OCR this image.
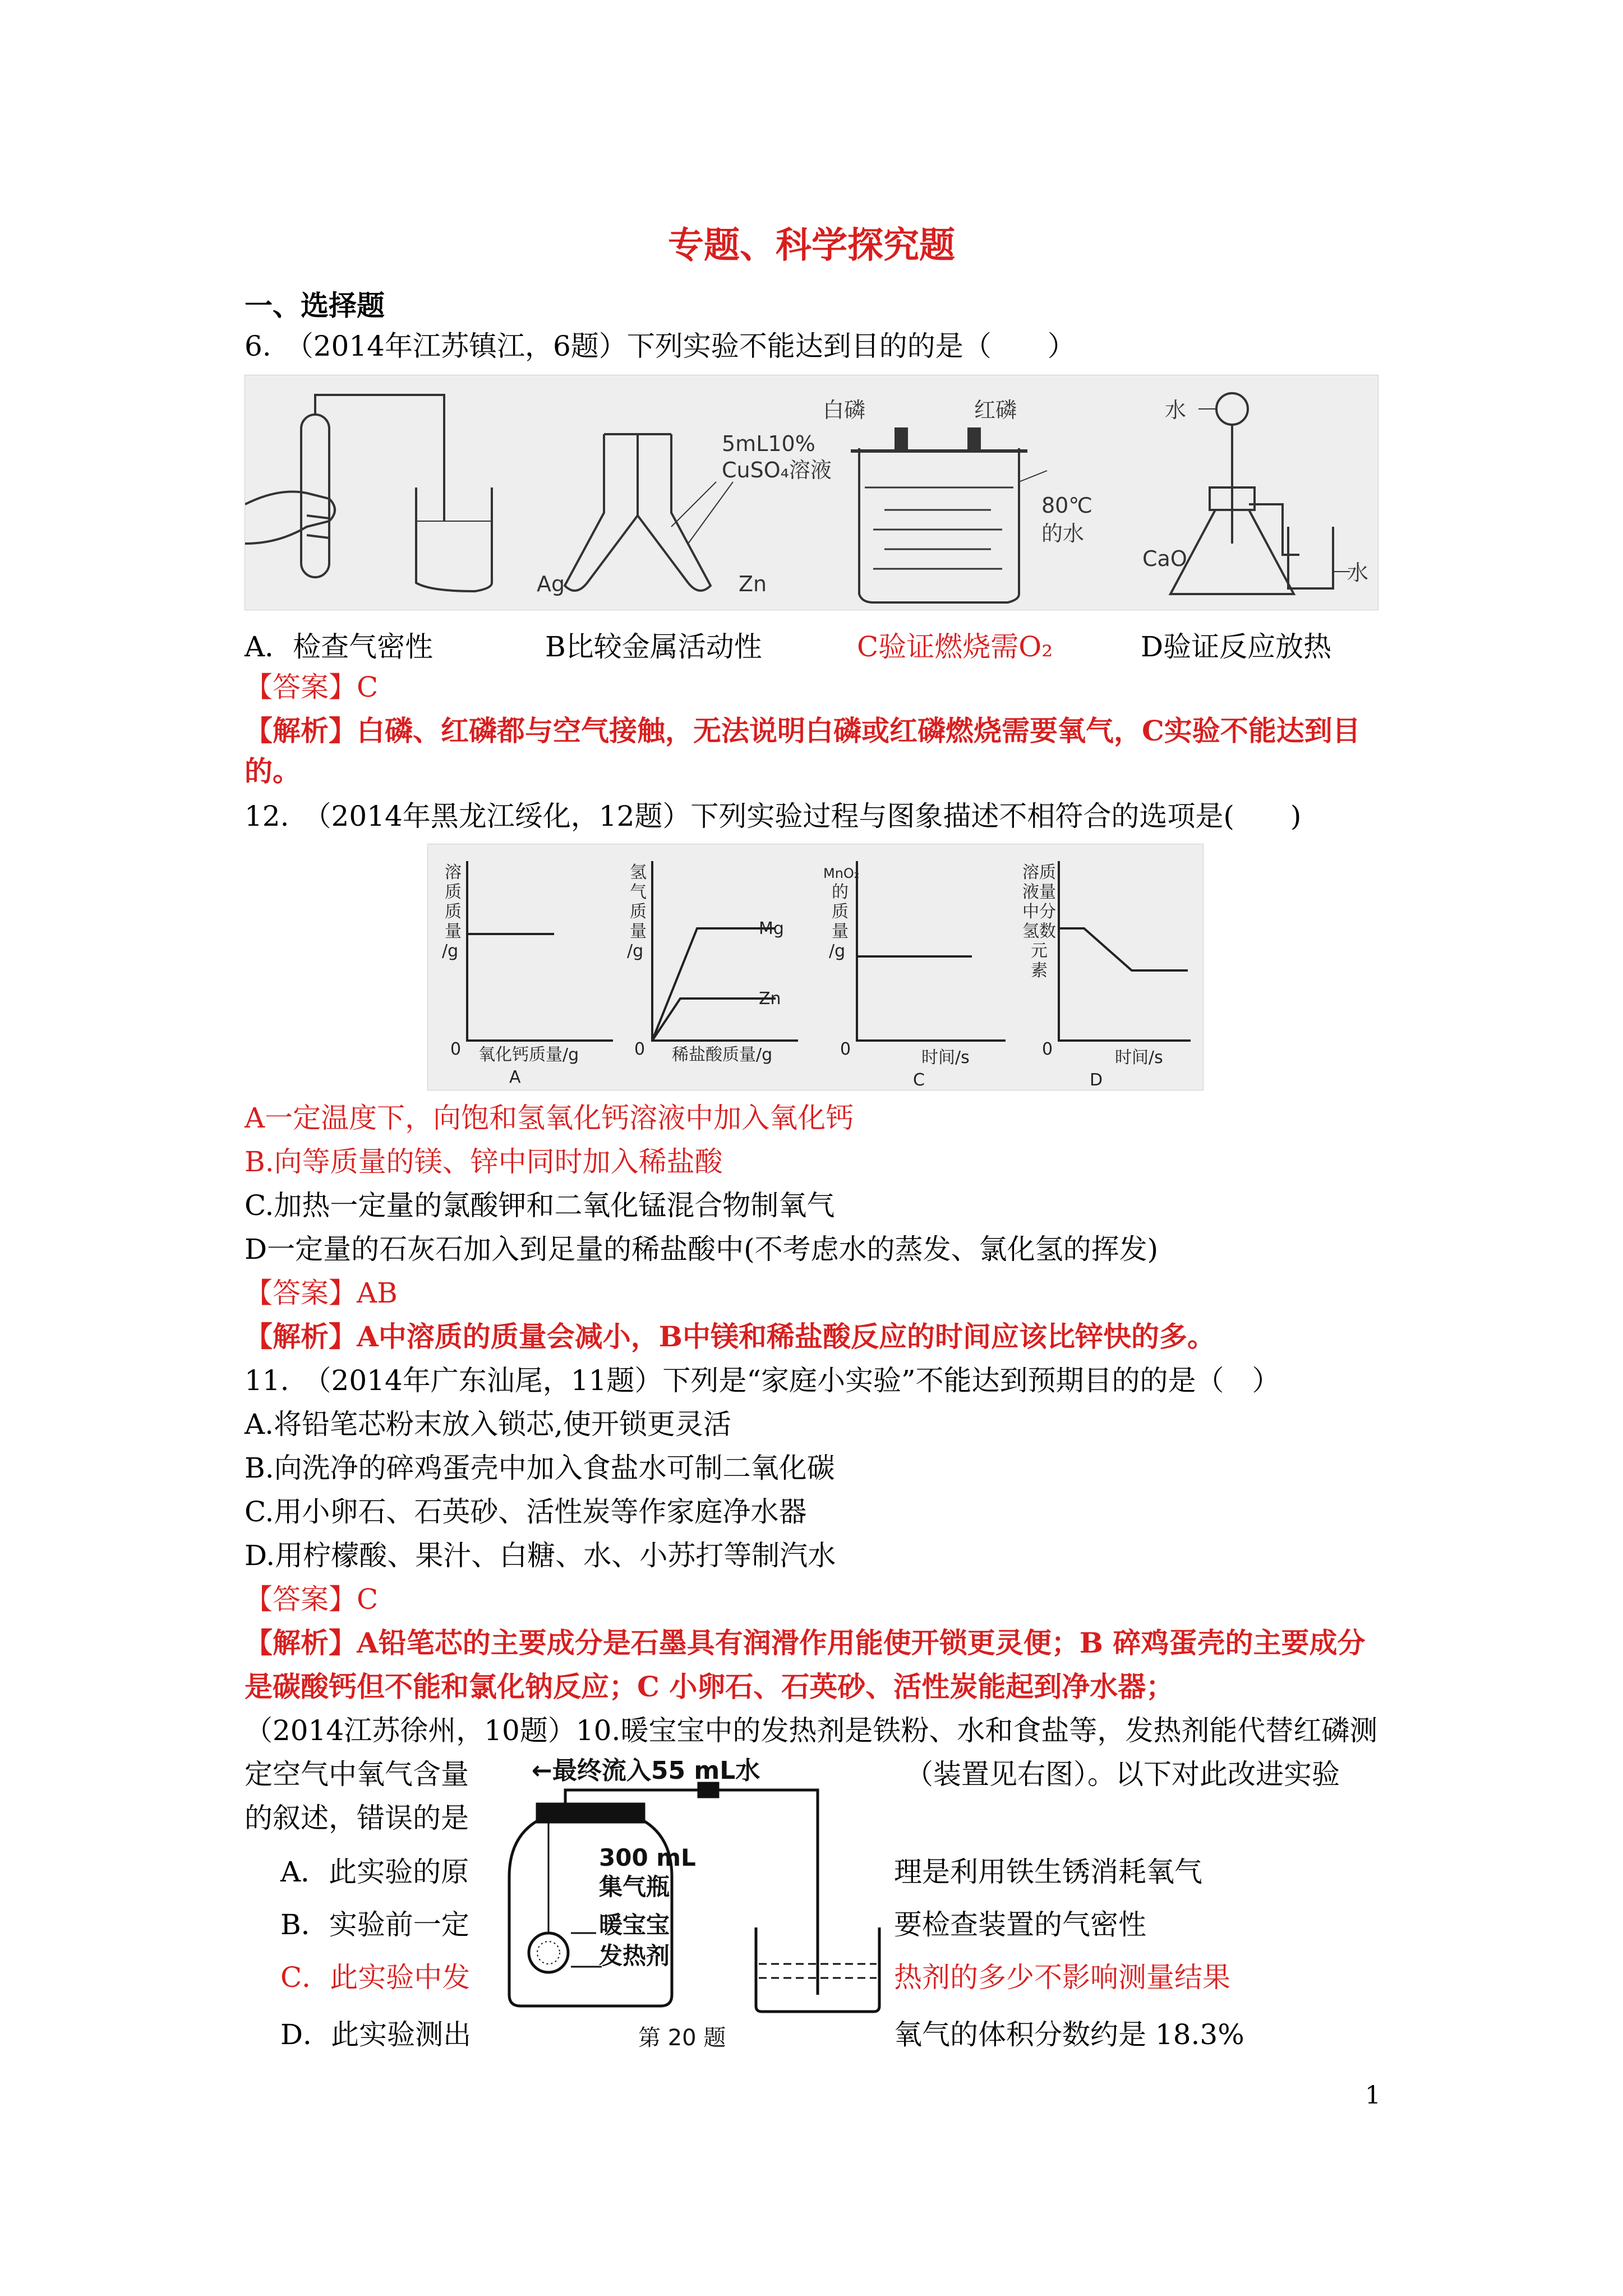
专题、科学探究题
一、选择题
6.　（2014年江苏镇江，6题）下列实验不能达到目的的是（　　）
5mL10%
CuSO₄溶液
Ag	Zn
白磷	红磷
80℃
的水
水
CaO
水
A．检查气密性	B比较金属活动性	C验证燃烧需O₂	D验证反应放热
【答案】C
【解析】白磷、红磷都与空气接触，无法说明白磷或红磷燃烧需要氧气，C实验不能达到目
的。
12.　（2014年黑龙江绥化，12题）下列实验过程与图象描述不相符合的选项是(　　)
溶
质
质
量
/g
0 氧化钙质量/g
A
氢
气
质
量
/g
Mg
Zn
0 稀盐酸质量/g
MnO₂
的
质
量
/g
0	时间/s
C
溶质
液量
中分
氢数
元
素
0	时间/s
D
A一定温度下，向饱和氢氧化钙溶液中加入氧化钙
B.向等质量的镁、锌中同时加入稀盐酸
C.加热一定量的氯酸钾和二氧化锰混合物制氧气
D一定量的石灰石加入到足量的稀盐酸中(不考虑水的蒸发、氯化氢的挥发)
【答案】AB
【解析】A中溶质的质量会减小，B中镁和稀盐酸反应的时间应该比锌快的多。
11.　（2014年广东汕尾，11题）下列是“家庭小实验”不能达到预期目的的是（　）
A.将铅笔芯粉末放入锁芯,使开锁更灵活
B.向洗净的碎鸡蛋壳中加入食盐水可制二氧化碳
C.用小卵石、石英砂、活性炭等作家庭净水器
D.用柠檬酸、果汁、白糖、水、小苏打等制汽水
【答案】C
【解析】A铅笔芯的主要成分是石墨具有润滑作用能使开锁更灵便；B 碎鸡蛋壳的主要成分
是碳酸钙但不能和氯化钠反应；C 小卵石、石英砂、活性炭能起到净水器；
（2014江苏徐州，10题）10.暖宝宝中的发热剂是铁粉、水和食盐等，发热剂能代替红磷测
定空气中氧气含量	（装置见右图）。以下对此改进实验
的叙述，错误的是
A．此实验的原	理是利用铁生锈消耗氧气
B．实验前一定	要检查装置的气密性
C．此实验中发	热剂的多少不影响测量结果
D．此实验测出	氧气的体积分数约是 18.3%
←最终流入55 mL水
300 mL
集气瓶
暖宝宝
发热剂
第 20 题
1
